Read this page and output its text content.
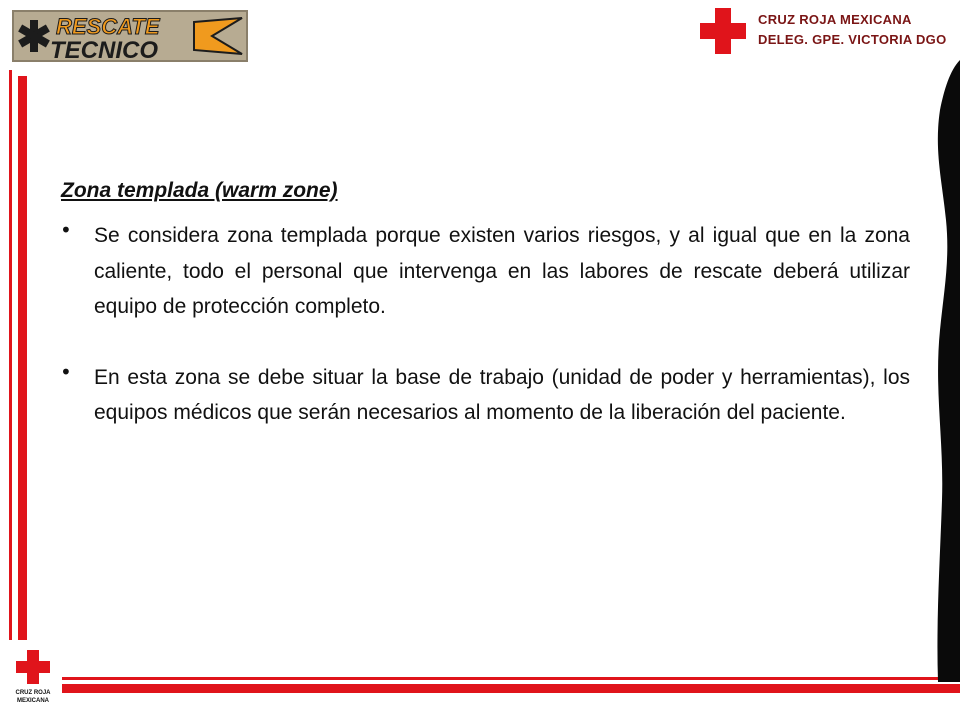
RESCATE
TECNICO
CRUZ ROJA MEXICANA
DELEG. GPE. VICTORIA DGO
CRUZ ROJA
MEXICANA
Zona templada (warm zone)
• Se considera zona templada porque existen varios riesgos, y al igual que en la zona caliente, todo el personal que intervenga en las labores de rescate deberá utilizar equipo de protección completo.
• En esta zona se debe situar la base de trabajo (unidad de poder y herramientas), los equipos médicos que serán necesarios al momento de la liberación del paciente.
